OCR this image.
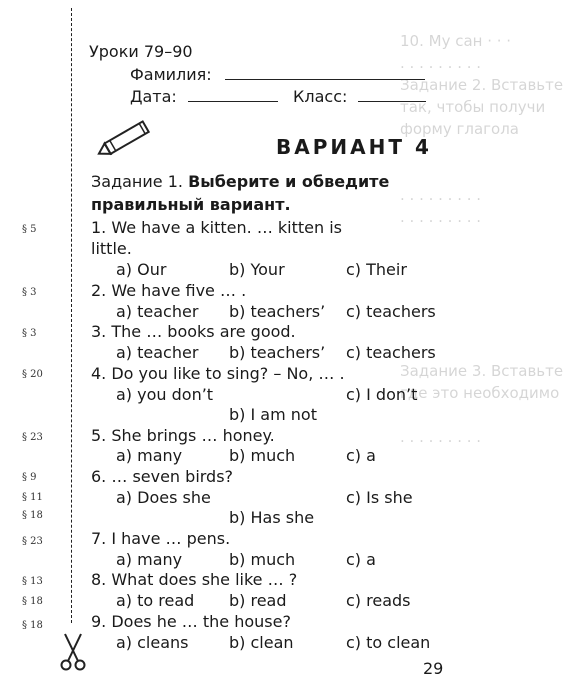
10. Му сан · · ·
. . . . . . . . .
Задание 2. Вставьте
так, чтобы получи
форму глагола

. . . . . . . . .
. . . . . . . . .

Задание 3. Вставьте
где это необходимо

. . . . . . . . .
Уроки 79–90
Фамилия:
Дата:	Класс:
ВАРИАНТ 4
Задание 1. Выберите и обведите правильный вариант.
§ 5
§ 3
§ 3
§ 20
§ 23
§ 9
§ 11
§ 18
§ 23
§ 13
§ 18
§ 18
1. We have a kitten. … kitten is
little.
a) Our	b) Your	c) Their
2. We have five … .
a) teacher b) teachers’ c) teachers
3. The … books are good.
a) teacher b) teachers’ c) teachers
4. Do you like to sing? – No, … .
a) you don’t	c) I don’t
b) I am not
5. She brings … honey.
a) many	b) much	c) a
6. … seven birds?
a) Does she	c) Is she
b) Has she
7. I have … pens.
a) many	b) much	c) a
8. What does she like … ?
a) to read b) read	c) reads
9. Does he … the house?
a) cleans	b) clean	c) to clean
29
